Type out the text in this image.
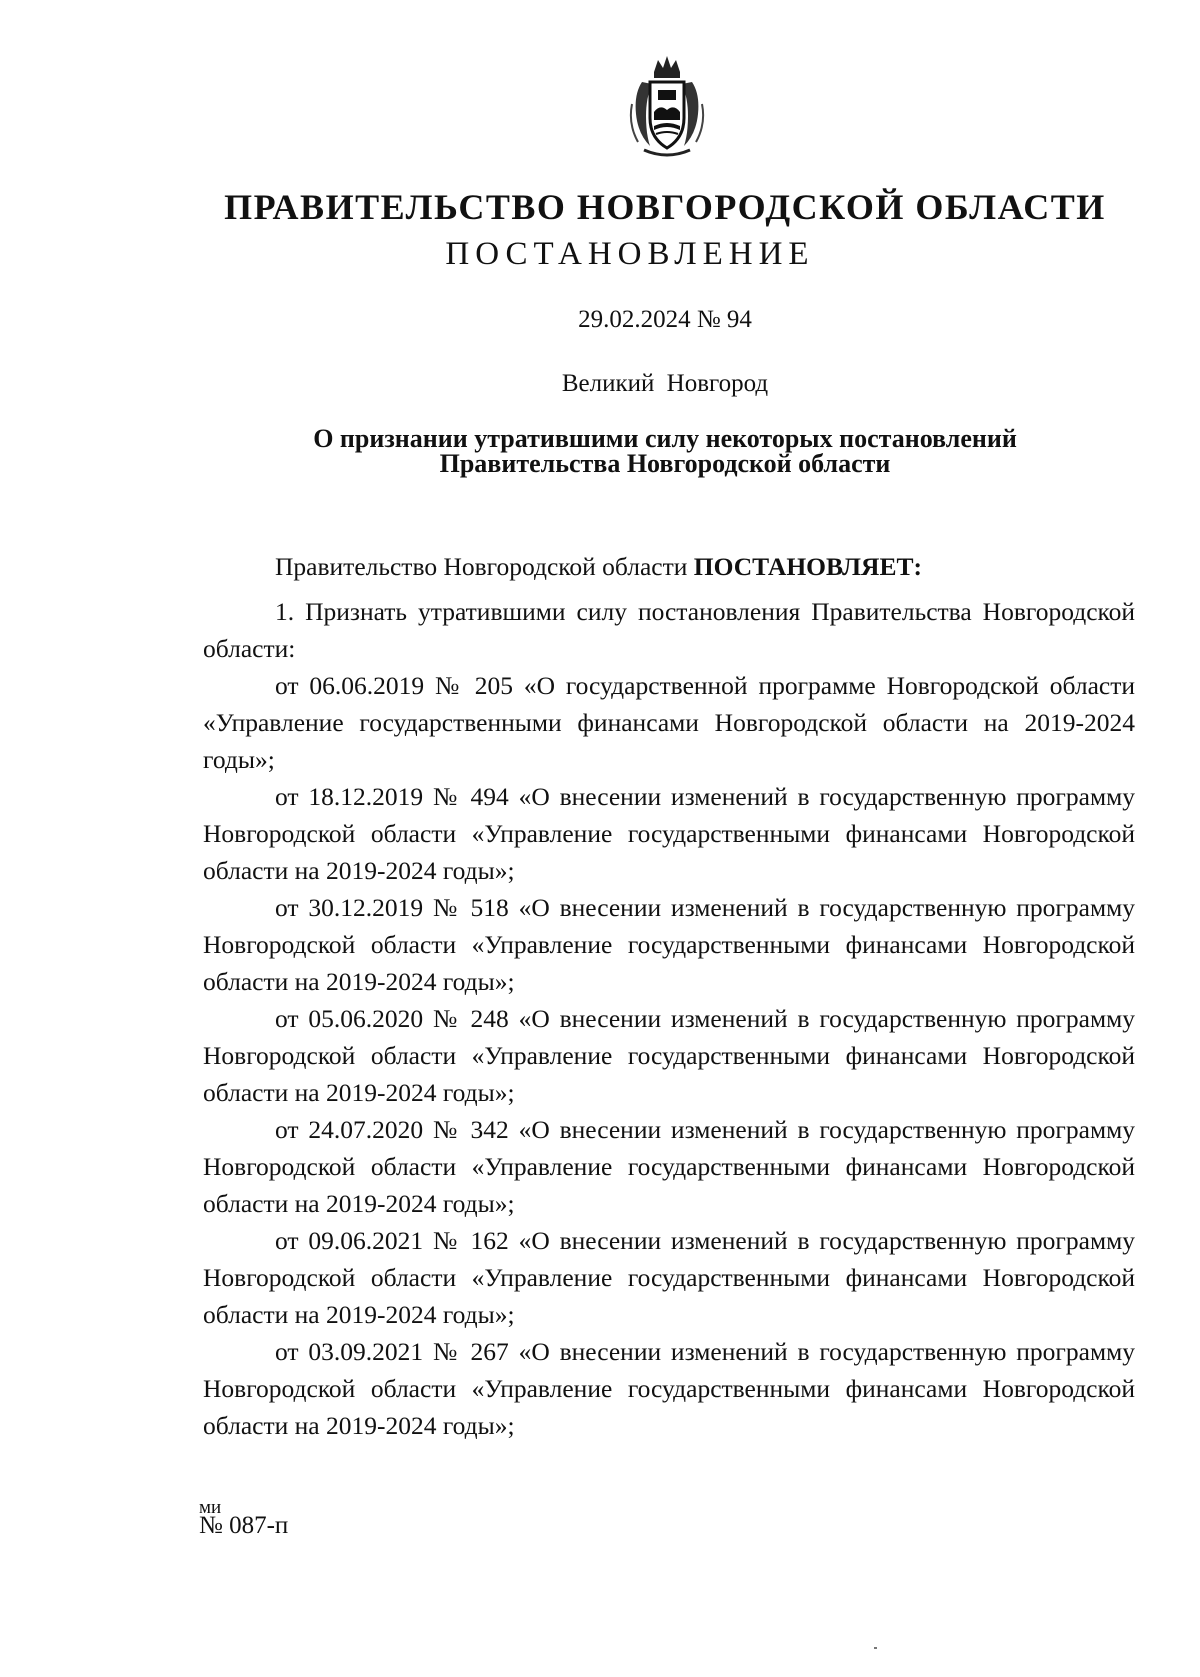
ПРАВИТЕЛЬСТВО НОВГОРОДСКОЙ ОБЛАСТИ
ПОСТАНОВЛЕНИЕ
29.02.2024 № 94
Великий Новгород
О признании утратившими силу некоторых постановлений
Правительства Новгородской области

Правительство Новгородской области ПОСТАНОВЛЯЕТ:

1. Признать утратившими силу постановления Правительства Новгородской области:

от 06.06.2019 № 205 «О государственной программе Новгородской области «Управление государственными финансами Новгородской области на 2019-2024 годы»;

от 18.12.2019 № 494 «О внесении изменений в государственную программу Новгородской области «Управление государственными финансами Новгородской области на 2019-2024 годы»;

от 30.12.2019 № 518 «О внесении изменений в государственную программу Новгородской области «Управление государственными финансами Новгородской области на 2019-2024 годы»;

от 05.06.2020 № 248 «О внесении изменений в государственную программу Новгородской области «Управление государственными финансами Новгородской области на 2019-2024 годы»;

от 24.07.2020 № 342 «О внесении изменений в государственную программу Новгородской области «Управление государственными финансами Новгородской области на 2019-2024 годы»;

от 09.06.2021 № 162 «О внесении изменений в государственную программу Новгородской области «Управление государственными финансами Новгородской области на 2019-2024 годы»;

от 03.09.2021 № 267 «О внесении изменений в государственную программу Новгородской области «Управление государственными финансами Новгородской области на 2019-2024 годы»;

ми
№ 087-п
